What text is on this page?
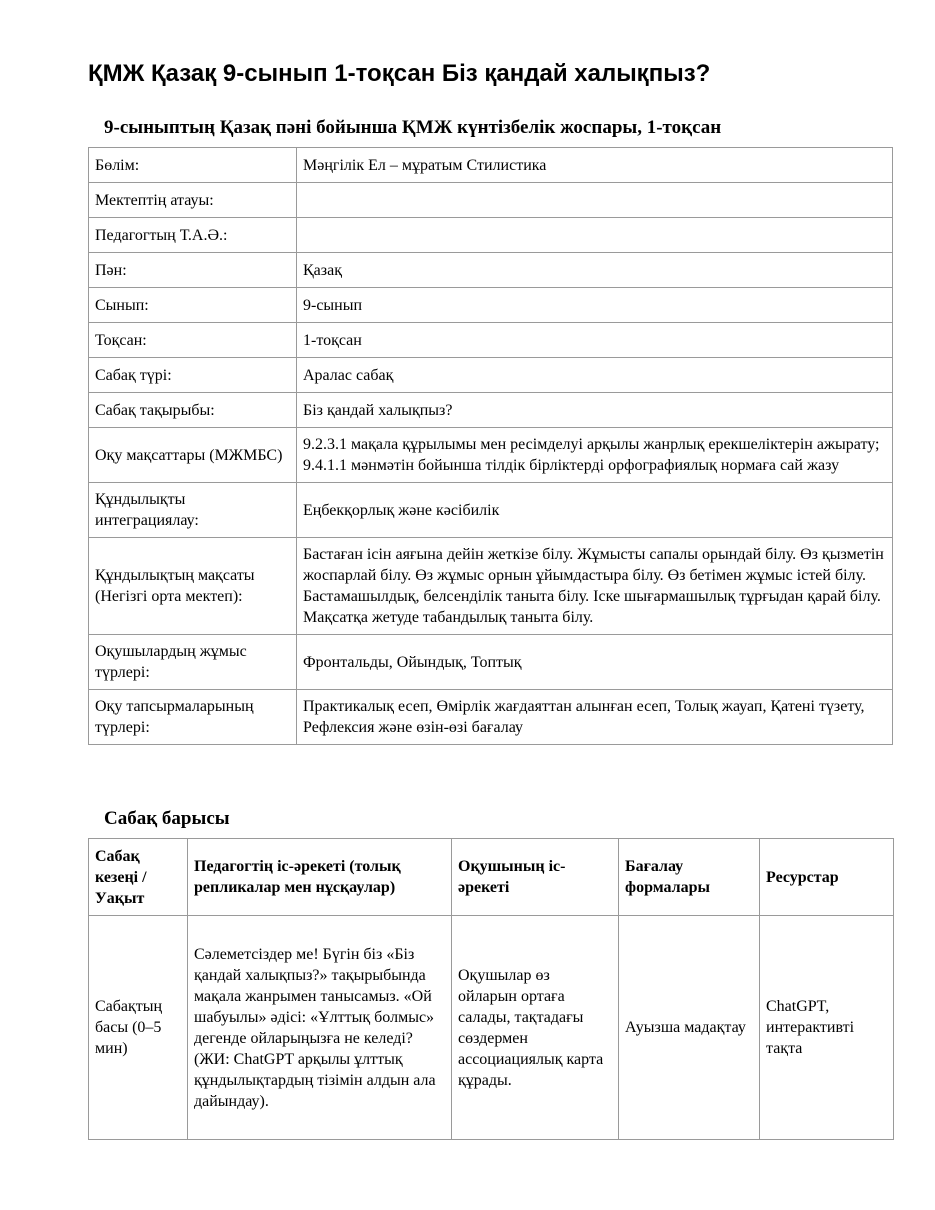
ҚМЖ Қазақ 9-сынып 1-тоқсан Біз қандай халықпыз?
9-сыныптың Қазақ пәні бойынша ҚМЖ күнтізбелік жоспары, 1-тоқсан
Бөлім:	Мәңгілік Ел – мұратым Стилистика
Мектептің атауы:	
Педагогтың Т.А.Ә.:	
Пән:	Қазақ
Сынып:	9-сынып
Тоқсан:	1-тоқсан
Сабақ түрі:	Аралас сабақ
Сабақ тақырыбы:	Біз қандай халықпыз?
Оқу мақсаттары (МЖМБС)	9.2.3.1 мақала құрылымы мен ресімделуі арқылы жанрлық ерекшеліктерін ажырату; 9.4.1.1 мәнмәтін бойынша тілдік бірліктерді орфографиялық нормаға сай жазу
Құндылықты интеграциялау:	Еңбекқорлық және кәсібилік
Құндылықтың мақсаты (Негізгі орта мектеп):	Бастаған ісін аяғына дейін жеткізе білу. Жұмысты сапалы орындай білу. Өз қызметін жоспарлай білу. Өз жұмыс орнын ұйымдастыра білу. Өз бетімен жұмыс істей білу. Бастамашылдық, белсенділік таныта білу. Іске шығармашылық тұрғыдан қарай білу. Мақсатқа жетуде табандылық таныта білу.
Оқушылардың жұмыс түрлері:	Фронтальды, Ойындық, Топтық
Оқу тапсырмаларының түрлері:	Практикалық есеп, Өмірлік жағдаяттан алынған есеп, Толық жауап, Қатені түзету, Рефлексия және өзін-өзі бағалау
Сабақ барысы
Сабақ кезеңі / Уақыт	Педагогтің іс-әрекеті (толық репликалар мен нұсқаулар)	Оқушының іс-әрекеті	Бағалау формалары	Ресурстар
Сабақтың басы (0–5 мин)	Сәлеметсіздер ме! Бүгін біз «Біз қандай халықпыз?» тақырыбында мақала жанрымен танысамыз. «Ой шабуылы» әдісі: «Ұлттық болмыс» дегенде ойларыңызға не келеді? (ЖИ: ChatGPT арқылы ұлттық құндылықтардың тізімін алдын ала дайындау).	Оқушылар өз ойларын ортаға салады, тақтадағы сөздермен ассоциациялық карта құрады.	Ауызша мадақтау	ChatGPT, интерактивті тақта
